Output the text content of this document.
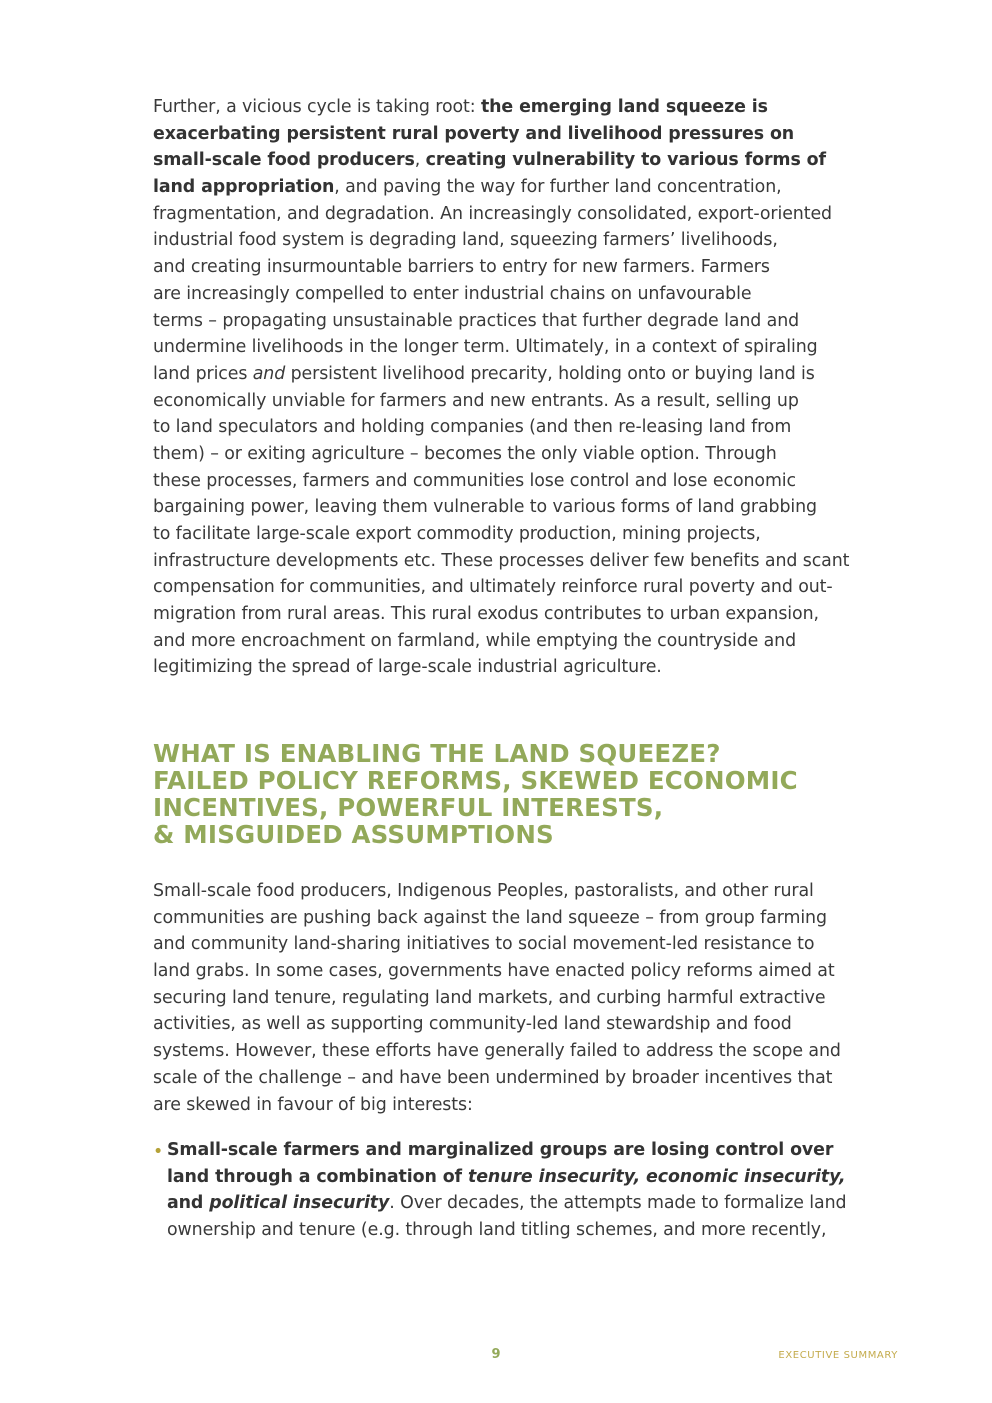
Further, a vicious cycle is taking root: the emerging land squeeze is
exacerbating persistent rural poverty and livelihood pressures on
small-scale food producers, creating vulnerability to various forms of
land appropriation, and paving the way for further land concentration,
fragmentation, and degradation. An increasingly consolidated, export-oriented
industrial food system is degrading land, squeezing farmers’ livelihoods,
and creating insurmountable barriers to entry for new farmers. Farmers
are increasingly compelled to enter industrial chains on unfavourable
terms – propagating unsustainable practices that further degrade land and
undermine livelihoods in the longer term. Ultimately, in a context of spiraling
land prices and persistent livelihood precarity, holding onto or buying land is
economically unviable for farmers and new entrants. As a result, selling up
to land speculators and holding companies (and then re-leasing land from
them) – or exiting agriculture – becomes the only viable option. Through
these processes, farmers and communities lose control and lose economic
bargaining power, leaving them vulnerable to various forms of land grabbing
to facilitate large-scale export commodity production, mining projects,
infrastructure developments etc. These processes deliver few benefits and scant
compensation for communities, and ultimately reinforce rural poverty and out-
migration from rural areas. This rural exodus contributes to urban expansion,
and more encroachment on farmland, while emptying the countryside and
legitimizing the spread of large-scale industrial agriculture.

WHAT IS ENABLING THE LAND SQUEEZE?
FAILED POLICY REFORMS, SKEWED ECONOMIC
INCENTIVES, POWERFUL INTERESTS,
& MISGUIDED ASSUMPTIONS

Small-scale food producers, Indigenous Peoples, pastoralists, and other rural
communities are pushing back against the land squeeze – from group farming
and community land-sharing initiatives to social movement-led resistance to
land grabs. In some cases, governments have enacted policy reforms aimed at
securing land tenure, regulating land markets, and curbing harmful extractive
activities, as well as supporting community-led land stewardship and food
systems. However, these efforts have generally failed to address the scope and
scale of the challenge – and have been undermined by broader incentives that
are skewed in favour of big interests:

• Small-scale farmers and marginalized groups are losing control over
land through a combination of tenure insecurity, economic insecurity,
and political insecurity. Over decades, the attempts made to formalize land
ownership and tenure (e.g. through land titling schemes, and more recently,

9	EXECUTIVE SUMMARY
